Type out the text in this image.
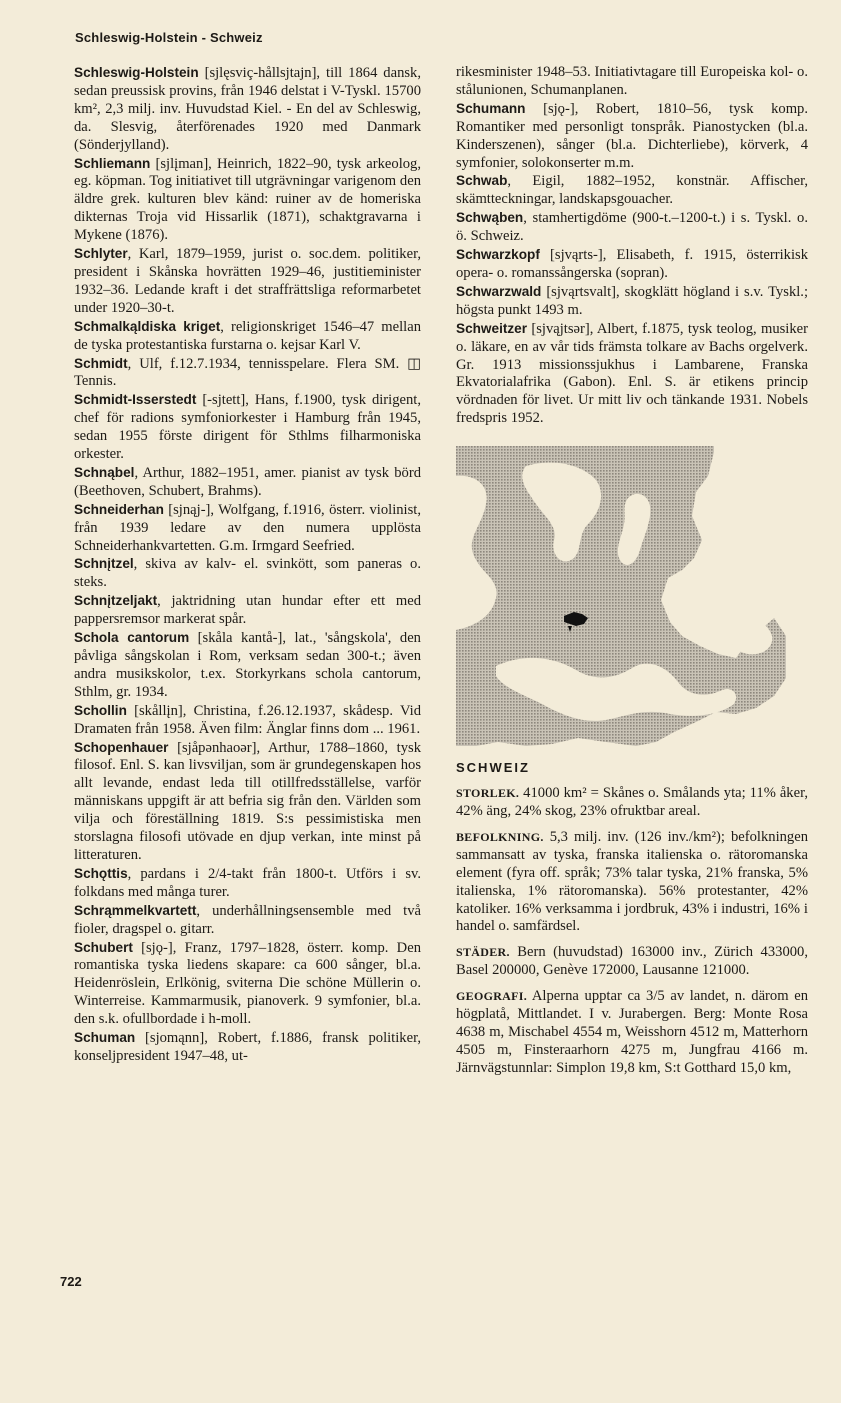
Schleswig-Holstein - Schweiz

Schleswig-Holstein [sjlęsviç-hållsjtajn], till 1864 dansk, sedan preussisk provins, från 1946 delstat i V-Tyskl. 15700 km², 2,3 milj. inv. Huvudstad Kiel. - En del av Schleswig, da. Slesvig, återförenades 1920 med Danmark (Sönderjylland).

Schliemann [sjlįman], Heinrich, 1822–90, tysk arkeolog, eg. köpman. Tog initiativet till utgrävningar varigenom den äldre grek. kulturen blev känd: ruiner av de homeriska dikternas Troja vid Hissarlik (1871), schaktgravarna i Mykene (1876).

Schlyter, Karl, 1879–1959, jurist o. soc.dem. politiker, president i Skånska hovrätten 1929–46, justitieminister 1932–36. Ledande kraft i det straffrättsliga reformarbetet under 1920–30-t.

Schmalkąldiska kriget, religionskriget 1546–47 mellan de tyska protestantiska furstarna o. kejsar Karl V.

Schmidt, Ulf, f.12.7.1934, tennisspelare. Flera SM. ◫ Tennis.

Schmidt-Isserstedt [-sjtett], Hans, f.1900, tysk dirigent, chef för radions symfoniorkester i Hamburg från 1945, sedan 1955 förste dirigent för Sthlms filharmoniska orkester.

Schnąbel, Arthur, 1882–1951, amer. pianist av tysk börd (Beethoven, Schubert, Brahms).

Schneiderhan [sjnąj-], Wolfgang, f.1916, österr. violinist, från 1939 ledare av den numera upplösta Schneiderhankvartetten. G.m. Irmgard Seefried.

Schnįtzel, skiva av kalv- el. svinkött, som paneras o. steks.

Schnįtzeljakt, jaktridning utan hundar efter ett med pappersremsor markerat spår.

Schola cantorum [skåla kantå-], lat., 'sångskola', den påvliga sångskolan i Rom, verksam sedan 300-t.; även andra musikskolor, t.ex. Storkyrkans schola cantorum, Sthlm, gr. 1934.

Schollin [skållįn], Christina, f.26.12.1937, skådesp. Vid Dramaten från 1958. Även film: Änglar finns dom ... 1961.

Schopenhauer [sjåpənhaoər], Arthur, 1788–1860, tysk filosof. Enl. S. kan livsviljan, som är grundegenskapen hos allt levande, endast leda till otillfredsställelse, varför människans uppgift är att befria sig från den. Världen som vilja och föreställning 1819. S:s pessimistiska men storslagna filosofi utövade en djup verkan, inte minst på litteraturen.

Schǫttis, pardans i 2/4-takt från 1800-t. Utförs i sv. folkdans med många turer.

Schrąmmelkvartett, underhållningsensemble med två fioler, dragspel o. gitarr.

Schubert [sjǫ-], Franz, 1797–1828, österr. komp. Den romantiska tyska liedens skapare: ca 600 sånger, bl.a. Heidenröslein, Erlkönig, sviterna Die schöne Müllerin o. Winterreise. Kammarmusik, pianoverk. 9 symfonier, bl.a. den s.k. ofullbordade i h-moll.

Schuman [sjomąnn], Robert, f.1886, fransk politiker, konseljpresident 1947–48, ut-

rikesminister 1948–53. Initiativtagare till Europeiska kol- o. stålunionen, Schumanplanen.

Schumann [sjǫ-], Robert, 1810–56, tysk komp. Romantiker med personligt tonspråk. Pianostycken (bl.a. Kinderszenen), sånger (bl.a. Dichterliebe), körverk, 4 symfonier, solokonserter m.m.

Schwab, Eigil, 1882–1952, konstnär. Affischer, skämtteckningar, landskapsgouacher.

Schwąben, stamhertigdöme (900-t.–1200-t.) i s. Tyskl. o. ö. Schweiz.

Schwarzkopf [sjvąrts-], Elisabeth, f. 1915, österrikisk opera- o. romanssångerska (sopran).

Schwarzwald [sjvąrtsvalt], skogklätt högland i s.v. Tyskl.; högsta punkt 1493 m.

Schweitzer [sjvąjtsər], Albert, f.1875, tysk teolog, musiker o. läkare, en av vår tids främsta tolkare av Bachs orgelverk. Gr. 1913 missionssjukhus i Lambarene, Franska Ekvatorialafrika (Gabon). Enl. S. är etikens princip vördnaden för livet. Ur mitt liv och tänkande 1931. Nobels fredspris 1952.

SCHWEIZ

STORLEK. 41000 km² = Skånes o. Smålands yta; 11% åker, 42% äng, 24% skog, 23% ofruktbar areal.

BEFOLKNING. 5,3 milj. inv. (126 inv./km²); befolkningen sammansatt av tyska, franska italienska o. rätoromanska element (fyra off. språk; 73% talar tyska, 21% franska, 5% italienska, 1% rätoromanska). 56% protestanter, 42% katoliker. 16% verksamma i jordbruk, 43% i industri, 16% i handel o. samfärdsel.

STÄDER. Bern (huvudstad) 163000 inv., Zürich 433000, Basel 200000, Genève 172000, Lausanne 121000.

GEOGRAFI. Alperna upptar ca 3/5 av landet, n. därom en högplatå, Mittlandet. I v. Jurabergen. Berg: Monte Rosa 4638 m, Mischabel 4554 m, Weisshorn 4512 m, Matterhorn 4505 m, Finsteraarhorn 4275 m, Jungfrau 4166 m. Järnvägstunnlar: Simplon 19,8 km, S:t Gotthard 15,0 km,

722
